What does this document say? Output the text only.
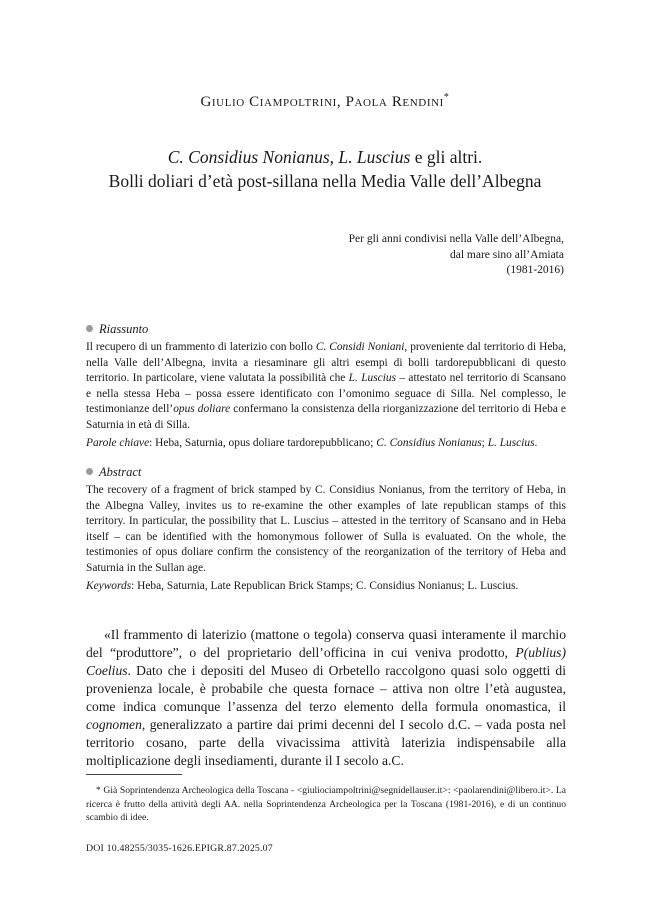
Giulio Ciampoltrini, Paola Rendini*
C. Considius Nonianus, L. Luscius e gli altri.
Bolli doliari d’età post-sillana nella Media Valle dell’Albegna
Per gli anni condivisi nella Valle dell’Albegna,
dal mare sino all’Amiata
(1981-2016)
Riassunto

Il recupero di un frammento di laterizio con bollo C. Considi Noniani, proveniente dal territorio di Heba, nella Valle dell’Albegna, invita a riesaminare gli altri esempi di bolli tardorepubblicani di questo territorio. In particolare, viene valutata la possibilità che L. Luscius – attestato nel territorio di Scansano e nella stessa Heba – possa essere identificato con l’omonimo seguace di Silla. Nel complesso, le testimonianze dell’opus doliare confermano la consistenza della riorganizzazione del territorio di Heba e Saturnia in età di Silla.

Parole chiave: Heba, Saturnia, opus doliare tardorepubblicano; C. Considius Nonianus; L. Luscius.

Abstract

The recovery of a fragment of brick stamped by C. Considius Nonianus, from the territory of Heba, in the Albegna Valley, invites us to re-examine the other examples of late republican stamps of this territory. In particular, the possibility that L. Luscius – attested in the territory of Scansano and in Heba itself – can be identified with the homonymous follower of Sulla is evaluated. On the whole, the testimonies of opus doliare confirm the consistency of the reorganization of the territory of Heba and Saturnia in the Sullan age.

Keywords: Heba, Saturnia, Late Republican Brick Stamps; C. Considius Nonianus; L. Luscius.

«Il frammento di laterizio (mattone o tegola) conserva quasi interamente il marchio del “produttore”, o del proprietario dell’officina in cui veniva prodotto, P(ublius) Coelius. Dato che i depositi del Museo di Orbetello raccolgono quasi solo oggetti di provenienza locale, è probabile che questa fornace – attiva non oltre l’età augustea, come indica comunque l’assenza del terzo elemento della formula onomastica, il cognomen, generalizzato a partire dai primi decenni del I secolo d.C. – vada posta nel territorio cosano, parte della vivacissima attività laterizia indispensabile alla moltiplicazione degli insediamenti, durante il I secolo a.C.

* Già Soprintendenza Archeologica della Toscana - <giuliociampoltrini@segnidellauser.it>: <paolarendini@libero.it>. La ricerca è frutto della attività degli AA. nella Soprintendenza Archeologica per la Toscana (1981-2016), e di un continuo scambio di idee.

DOI 10.48255/3035-1626.EPIGR.87.2025.07
